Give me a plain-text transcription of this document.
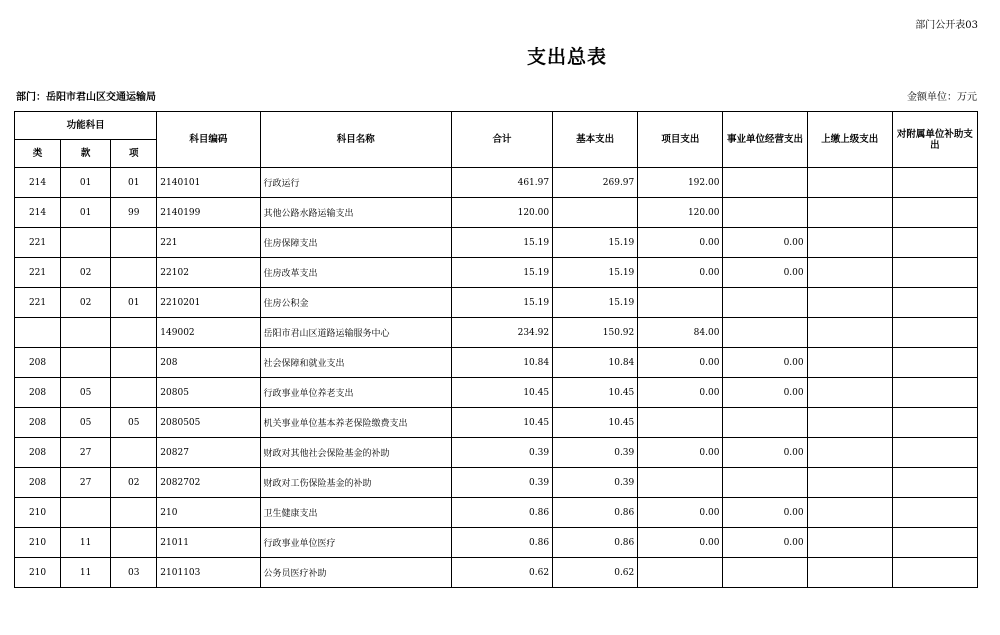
部门公开表03
支出总表
部门：岳阳市君山区交通运输局	金额单位：万元
功能科目			科目编码	科目名称	合计	基本支出	项目支出	事业单位经营支出	上缴上级支出	对附属单位补助支出
类	款	项								
214	01	01	2140101	行政运行	461.97	269.97	192.00			
214	01	99	2140199	其他公路水路运输支出	120.00		120.00			
221			221	住房保障支出	15.19	15.19	0.00	0.00		
221	02		22102	住房改革支出	15.19	15.19	0.00	0.00		
221	02	01	2210201	住房公积金	15.19	15.19				
			149002	岳阳市君山区道路运输服务中心	234.92	150.92	84.00			
208			208	社会保障和就业支出	10.84	10.84	0.00	0.00		
208	05		20805	行政事业单位养老支出	10.45	10.45	0.00	0.00		
208	05	05	2080505	机关事业单位基本养老保险缴费支出	10.45	10.45				
208	27		20827	财政对其他社会保险基金的补助	0.39	0.39	0.00	0.00		
208	27	02	2082702	财政对工伤保险基金的补助	0.39	0.39				
210			210	卫生健康支出	0.86	0.86	0.00	0.00		
210	11		21011	行政事业单位医疗	0.86	0.86	0.00	0.00		
210	11	03	2101103	公务员医疗补助	0.62	0.62				
